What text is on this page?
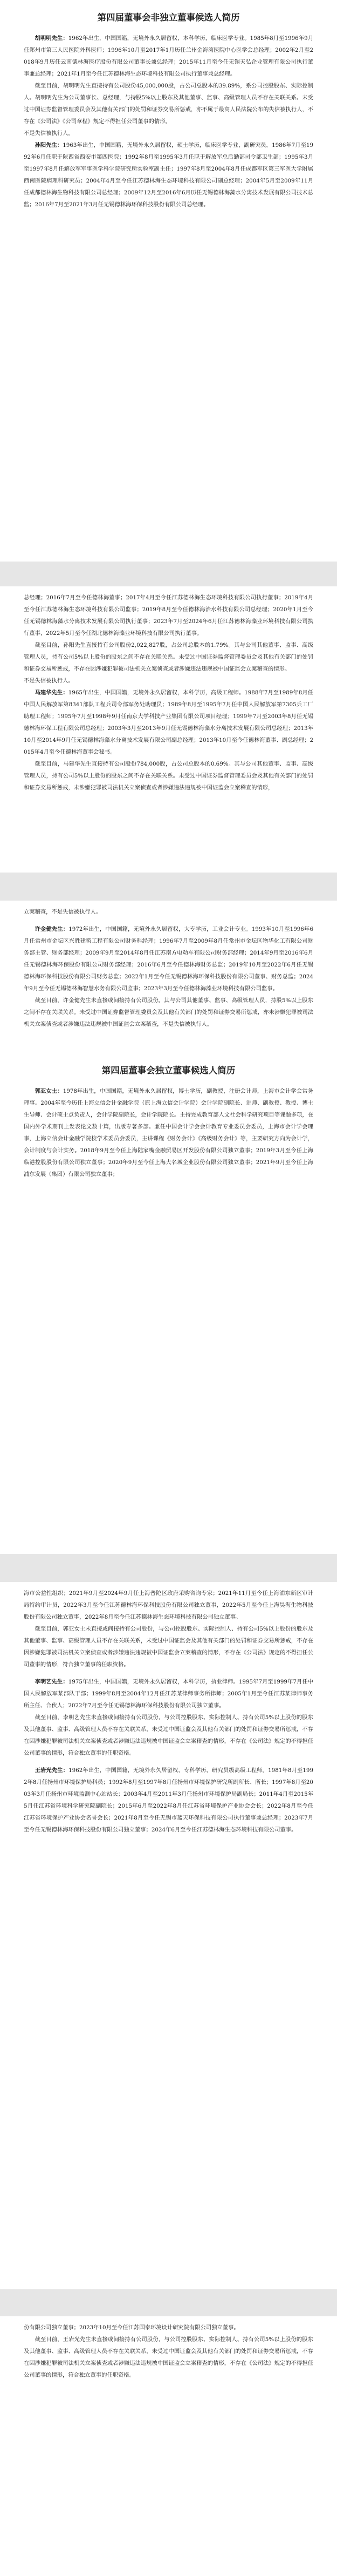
第四届董事会非独立董事候选人简历

胡明明先生：1962年出生，中国国籍，无境外永久居留权，本科学历，临床医学专业。1985年8月至1996年9月任郑州市第三人民医院外科医师；1996年10月至2017年1月历任兰州金海湾医院中心医学会总经理；2002年2月至2018年9月历任云南德林海医疗股份有限公司董事长兼总经理；2015年11月至今任无锡天弘企业管理有限公司执行董事兼总经理；2021年1月至今任江苏德林海生态环境科技有限公司执行董事兼总经理。

截至目前，胡明明先生直接持有公司股份45,000,000股，占公司总股本的39.89%，系公司控股股东、实际控制人。胡明明先生为公司董事长、总经理，与持股5%以上股东及其他董事、监事、高级管理人员不存在关联关系。未受过中国证券监督管理委员会及其他有关部门的处罚和证券交易所惩戒，亦不属于最高人民法院公布的失信被执行人，不存在《公司法》《公司章程》规定不得担任公司董事的情形。

不是失信被执行人。

孙阳先生：1963年出生，中国国籍，无境外永久居留权，硕士学历，临床医学专业，副研究员。1986年7月至1992年6月任职于陕西省西安市第四医院；1992年8月至1995年3月任职于解放军总后勤部司令部卫生部；1995年3月至1997年8月任解放军军事医学科学院研究所实验室副主任；1997年8月至2004年8月任成都军区第三军医大学附属西南医院病理科研究员；2004年4月至今任江苏德林海生态环境科技有限公司副总经理；2004年5月至2009年11月任成都德林海生物科技有限公司总经理；2009年12月至2016年6月历任无锡德林海藻水分离技术发展有限公司技术总监；2016年7月至2021年3月任无锡德林海环保科技股份有限公司总经理。

总经理；2016年7月至今任德林海董事；2017年4月至今任江苏德林海生态环境科技有限公司执行董事；2019年4月至今任江苏德林海生态环境科技有限公司监事；2019年8月至今任德林海治水科技有限公司总经理；2020年1月至今任无锡德林海藻水分离技术发展有限公司执行董事；2023年7月至2024年6月任江苏德林海藻业环境科技有限公司执行董事，2022年5月至今任湖北德林海藻业环境科技有限公司执行董事。

截至目前，孙阳先生直接持有公司股份2,022,827股，占公司总股本的1.79%。其与公司其他董事、监事、高级管理人员，持有公司5%以上股份的股东之间不存在关联关系。未受过中国证券监督管理委员会及其他有关部门的处罚和证券交易所惩戒，不存在因涉嫌犯罪被司法机关立案侦查或者涉嫌违法违规被中国证监会立案稽查的情形。

不是失信被执行人。

马建华先生：1965年出生，中国国籍，无境外永久居留权，本科学历，高级工程师。1988年7月至1989年8月任中国人民解放军第8341部队工程兵司令部军务处助理员；1989年8月至1995年7月任中国人民解放军第7305兵工厂助理工程师；1995年7月至1998年9月任南京大学科技产业集团有限公司项目经理；1999年7月至2003年8月任无锡德林海环保工程有限公司总经理；2003年3月至2013年9月任无锡德林海藻水分离技术发展有限公司总经理；2013年10月至2014年9月任无锡德林海藻水分离技术发展有限公司副总经理；2013年10月至今任德林海董事、副总经理；2015年4月至今任德林海董事会秘书。

截至目前，马建华先生直接持有公司股份784,000股，占公司总股本的0.69%。其与公司其他董事、监事、高级管理人员，持有公司5%以上股份的股东之间不存在关联关系。未受过中国证券监督管理委员会及其他有关部门的处罚和证券交易所惩戒，未涉嫌犯罪被司法机关立案侦查或者涉嫌违法违规被中国证监会立案稽查的情形，

立案稽查，不是失信被执行人。

许金健先生：1972年出生，中国国籍，无境外永久居留权，大专学历，工业会计专业。1993年10月至1996年6月任常州市金坛区兴胜建筑工程有限公司财务科经理；1996年7月至2009年8月任常州市金坛区物华化工有限公司财务部主管、财务部经理；2009年9月至2014年8月任江苏南方电动车有限公司财务部经理；2014年9月至2016年6月任无锡德林海环保股份有限公司财务部经理；2016年6月至今任德林海财务总监；2019年10月至2022年6月任无锡德林海环保科技股份有限公司财务总监；2022年1月至今任无锡德林海环保科技股份有限公司董事、财务总监；2024年9月至今任无锡德林海智慧水务有限公司监事；2023年3月至今任德林海藻业环境科技有限公司监事。

截至目前，许金健先生未直接或间接持有公司股份。其与公司其他董事、监事、高级管理人员，持股5%以上股东之间不存在关联关系。未受过中国证券监督管理委员会及其他有关部门的处罚和证券交易所惩戒，亦未涉嫌犯罪被司法机关立案侦查或者涉嫌违法违规被中国证监会立案稽查，不是失信被执行人。

第四届董事会独立董事候选人简历

郭亚女士：1978年出生，中国国籍，无境外永久居留权，博士学历，副教授，注册会计师，上海市会计学会常务理事。2004年至今历任上海立信会计金融学院（原上海立信会计学院）会计学院副院长、讲师、副教授、教授、博士生导师、会计硕士点负责人，会计学院副院长，会计学院院长。主持完成教育部人文社会科学研究项目等课题多项，在国内外学术期刊上发表论文数十篇，出版专著多部。兼任中国会计学会会计教育专业委员会委员，上海市会计学会理事，上海立信会计金融学院校学术委员会委员，主讲课程《财务会计》《高级财务会计》等，主要研究方向为会计学，会计制度与会计实务。2018年9月至今任上海陆家嘴金融贸易区开发股份有限公司独立董事；2019年3月至今任上海临港控股股份有限公司独立董事；2020年9月至今任上海大名城企业股份有限公司独立董事；2021年9月至今任上海浦东发展（集团）有限公司独立董事；

海市公益性组织；2021年9月至2024年9月任上海普陀区政府采购咨询专家；2021年11月至今任上海浦东新区审计局特约审计员，2022年3月至今任江苏德林海环保科技股份有限公司独立董事，2022年5月至今任上海昊海生物科技股份有限公司独立董事，2022年8月至今任江苏德林海生态环境科技有限公司独立董事。

截至目前，郭亚女士未直接或间接持有公司股份，与公司控股股东、实际控制人、持有公司5%以上股份的股东及其他董事、监事、高级管理人员不存在关联关系，未受过中国证监会及其他有关部门的处罚和证券交易所惩戒，不存在因涉嫌犯罪被司法机关立案侦查或者涉嫌违法违规被中国证监会立案稽查的情形，不存在《公司法》规定的不得担任公司董事的情形，符合独立董事的任职资格。

李明艺先生：1975年出生，中国国籍，无境外永久居留权，本科学历，执业律师。1995年7月至1999年7月任中国人民解放军某部队干部；1999年8月至2004年12月任江苏某律师事务所律师；2005年1月至今任江苏某律师事务所主任、合伙人；2022年7月至今任无锡德林海环保科技股份有限公司独立董事。

截至目前，李明艺先生未直接或间接持有公司股份，与公司控股股东、实际控制人、持有公司5%以上股份的股东及其他董事、监事、高级管理人员不存在关联关系，未受过中国证监会及其他有关部门的处罚和证券交易所惩戒，不存在因涉嫌犯罪被司法机关立案侦查或者涉嫌违法违规被中国证监会立案稽查的情形，不存在《公司法》规定的不得担任公司董事的情形，符合独立董事的任职资格。

王岩光先生：1962年出生，中国国籍，无境外永久居留权，专科学历，研究员级高级工程师。1981年8月至1992年8月任扬州市环境保护局科员；1992年8月至1997年8月任扬州市环境保护研究所副所长、所长；1997年8月至2003年3月任扬州市环境监测中心站站长；2003年4月至2011年3月任扬州市环境保护局副局长；2011年4月至2015年5月任江苏省环境科学研究院副院长；2015年6月至2022年8月任江苏省环境保护产业协会会长；2022年8月至今任江苏省环境保护产业协会名誉会长；2021年8月至今任无锡市蓝天环保科技有限公司执行董事兼总经理；2023年7月至今任无锡德林海环保科技股份有限公司独立董事；2024年6月至今任江苏德林海生态环境科技有限公司董事。

份有限公司独立董事；2023年10月至今任江苏国泰环境设计研究院有限公司独立董事。

截至目前，王岩光先生未直接或间接持有公司股份，与公司控股股东、实际控制人、持有公司5%以上股份的股东及其他董事、监事、高级管理人员不存在关联关系，未受过中国证监会及其他有关部门的处罚和证券交易所惩戒，不存在因涉嫌犯罪被司法机关立案侦查或者涉嫌违法违规被中国证监会立案稽查的情形，不存在《公司法》规定的不得担任公司董事的情形，符合独立董事的任职资格。
